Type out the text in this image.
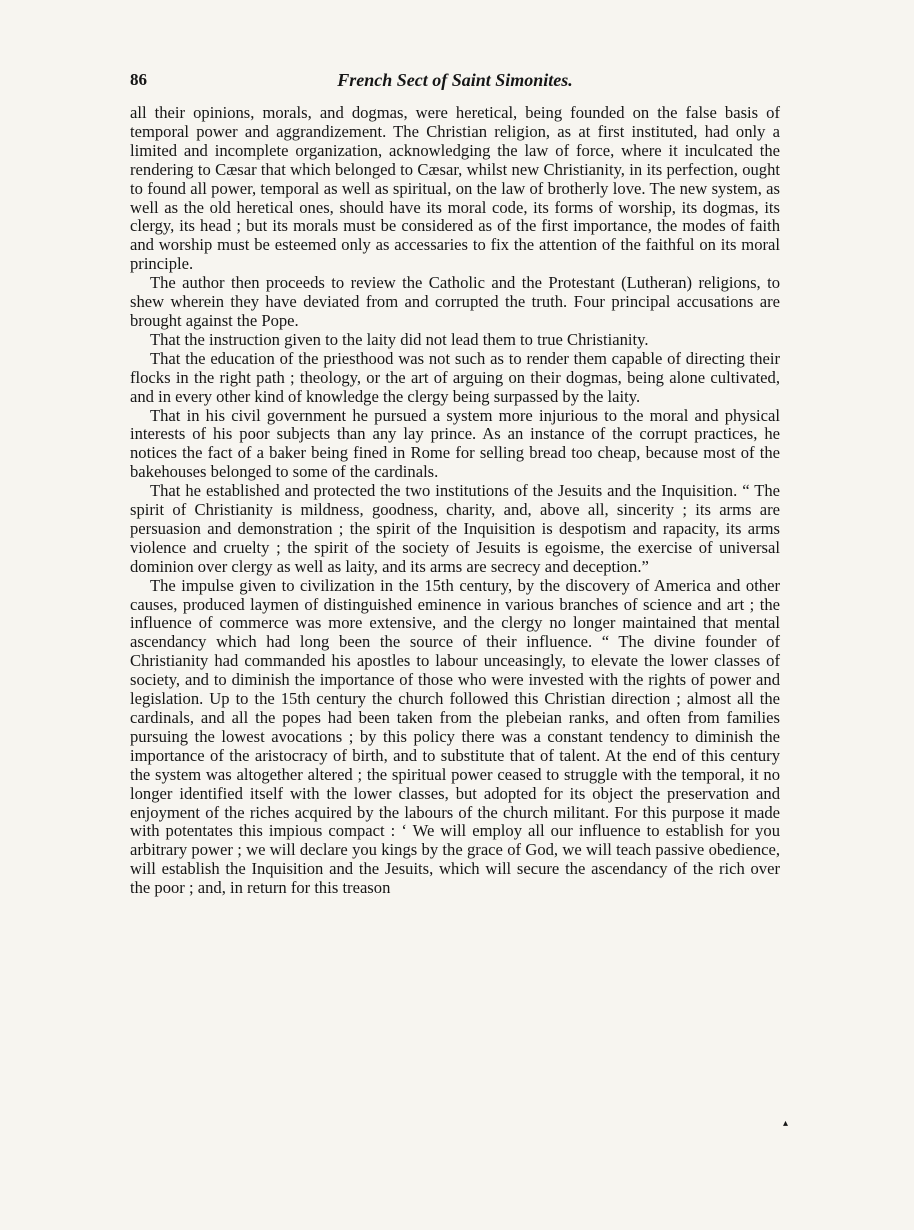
86	French Sect of Saint Simonites.

all their opinions, morals, and dogmas, were heretical, being founded on the false basis of temporal power and aggrandizement. The Christian religion, as at first instituted, had only a limited and incomplete organization, acknowledging the law of force, where it inculcated the rendering to Cæsar that which belonged to Cæsar, whilst new Christianity, in its perfection, ought to found all power, temporal as well as spiritual, on the law of brotherly love. The new system, as well as the old heretical ones, should have its moral code, its forms of worship, its dogmas, its clergy, its head ; but its morals must be considered as of the first importance, the modes of faith and worship must be esteemed only as accessaries to fix the attention of the faithful on its moral principle.

The author then proceeds to review the Catholic and the Protestant (Lutheran) religions, to shew wherein they have deviated from and corrupted the truth. Four principal accusations are brought against the Pope.

That the instruction given to the laity did not lead them to true Christianity.

That the education of the priesthood was not such as to render them capable of directing their flocks in the right path ; theology, or the art of arguing on their dogmas, being alone cultivated, and in every other kind of knowledge the clergy being surpassed by the laity.

That in his civil government he pursued a system more injurious to the moral and physical interests of his poor subjects than any lay prince. As an instance of the corrupt practices, he notices the fact of a baker being fined in Rome for selling bread too cheap, because most of the bakehouses belonged to some of the cardinals.

That he established and protected the two institutions of the Jesuits and the Inquisition. “ The spirit of Christianity is mildness, goodness, charity, and, above all, sincerity ; its arms are persuasion and demonstration ; the spirit of the Inquisition is despotism and rapacity, its arms violence and cruelty ; the spirit of the society of Jesuits is egoisme, the exercise of universal dominion over clergy as well as laity, and its arms are secrecy and deception.”

The impulse given to civilization in the 15th century, by the discovery of America and other causes, produced laymen of distinguished eminence in various branches of science and art ; the influence of commerce was more extensive, and the clergy no longer maintained that mental ascendancy which had long been the source of their influence. “ The divine founder of Christianity had commanded his apostles to labour unceasingly, to elevate the lower classes of society, and to diminish the importance of those who were invested with the rights of power and legislation. Up to the 15th century the church followed this Christian direction ; almost all the cardinals, and all the popes had been taken from the plebeian ranks, and often from families pursuing the lowest avocations ; by this policy there was a constant tendency to diminish the importance of the aristocracy of birth, and to substitute that of talent. At the end of this century the system was altogether altered ; the spiritual power ceased to struggle with the temporal, it no longer identified itself with the lower classes, but adopted for its object the preservation and enjoyment of the riches acquired by the labours of the church militant. For this purpose it made with potentates this impious compact : ‘ We will employ all our influence to establish for you arbitrary power ; we will declare you kings by the grace of God, we will teach passive obedience, will establish the Inquisition and the Jesuits, which will secure the ascendancy of the rich over the poor ; and, in return for this treason

▴
